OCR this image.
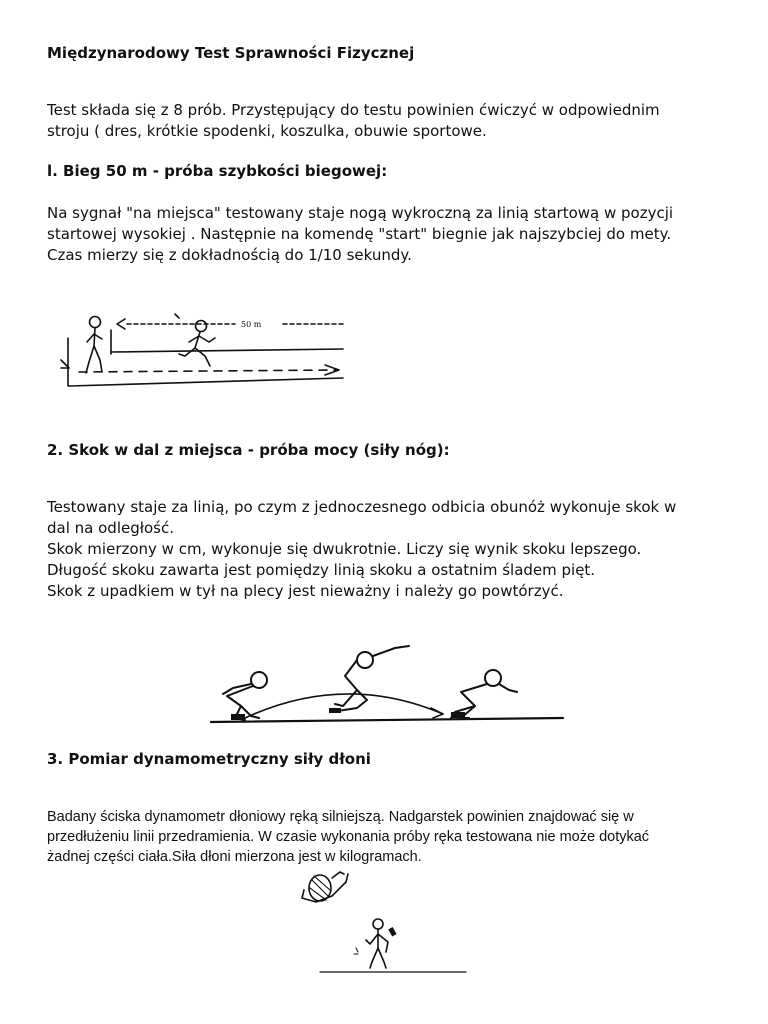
Międzynarodowy Test Sprawności Fizycznej

Test składa się z 8 prób. Przystępujący do testu powinien ćwiczyć w odpowiednim
stroju ( dres, krótkie spodenki, koszulka, obuwie sportowe.

l. Bieg 50 m - próba szybkości biegowej:

Na sygnał "na miejsca" testowany staje nogą wykroczną za linią startową w pozycji
startowej wysokiej . Następnie na komendę "start" biegnie jak najszybciej do mety.
Czas mierzy się z dokładnością do 1/10 sekundy.

50 m
2. Skok w dal z miejsca - próba mocy (siły nóg):

Testowany staje za linią, po czym z jednoczesnego odbicia obunóż wykonuje skok w
dal na odległość.
Skok mierzony w cm, wykonuje się dwukrotnie. Liczy się wynik skoku lepszego.
Długość skoku zawarta jest pomiędzy linią skoku a ostatnim śladem pięt.
Skok z upadkiem w tył na plecy jest nieważny i należy go powtórzyć.

3. Pomiar dynamometryczny siły dłoni

Badany ściska dynamometr dłoniowy ręką silniejszą. Nadgarstek powinien znajdować się w
przedłużeniu linii przedramienia. W czasie wykonania próby ręka testowana nie może dotykać
żadnej części ciała.Siła dłoni mierzona jest w kilogramach.
